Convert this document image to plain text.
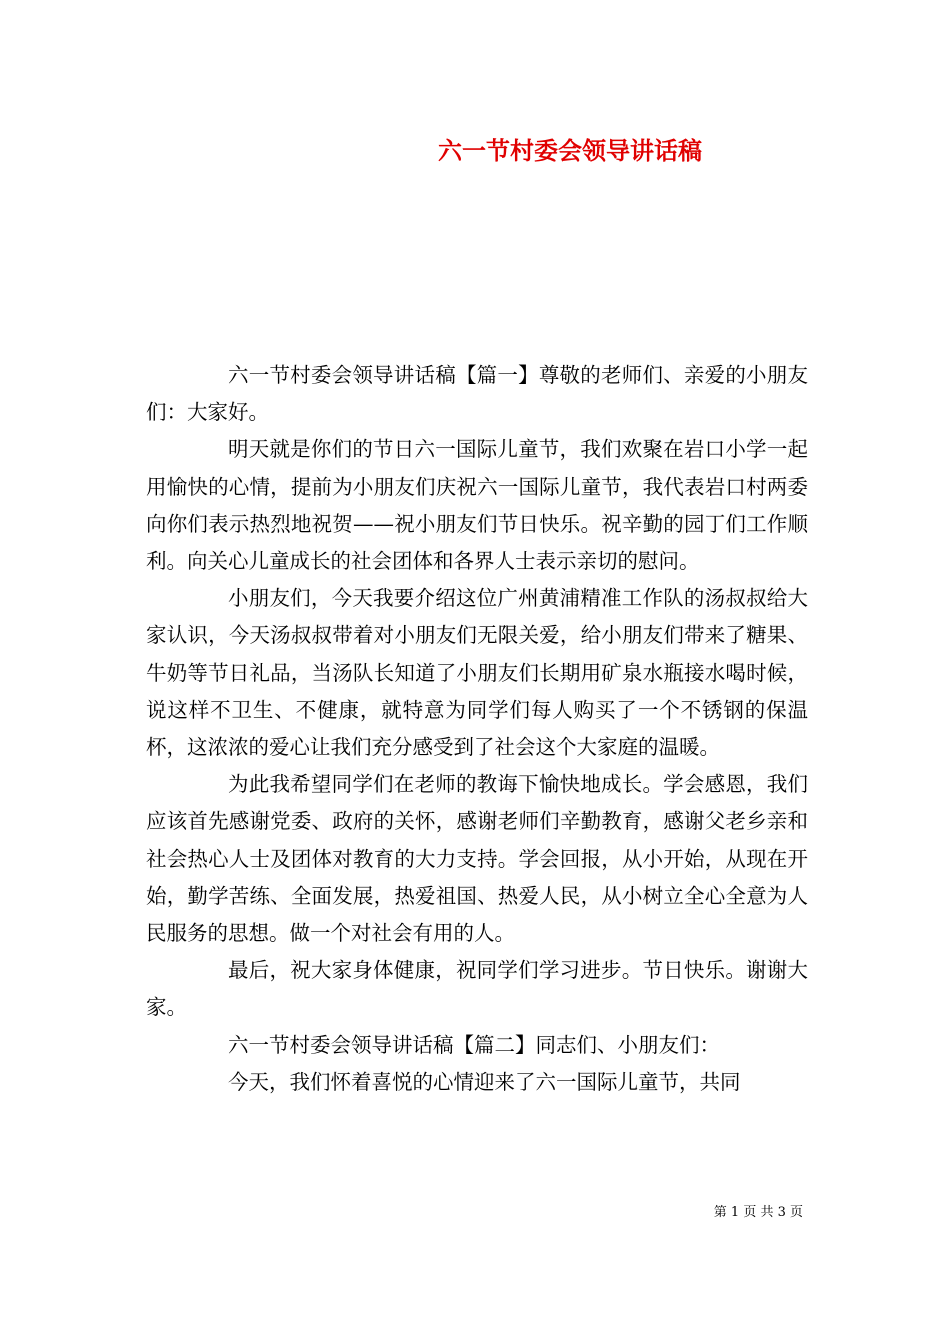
六一节村委会领导讲话稿

六一节村委会领导讲话稿【篇一】尊敬的老师们、亲爱的小朋友们：大家好。

明天就是你们的节日六一国际儿童节，我们欢聚在岩口小学一起用愉快的心情，提前为小朋友们庆祝六一国际儿童节，我代表岩口村两委向你们表示热烈地祝贺——祝小朋友们节日快乐。祝辛勤的园丁们工作顺利。向关心儿童成长的社会团体和各界人士表示亲切的慰问。

小朋友们，今天我要介绍这位广州黄浦精准工作队的汤叔叔给大家认识，今天汤叔叔带着对小朋友们无限关爱，给小朋友们带来了糖果、牛奶等节日礼品，当汤队长知道了小朋友们长期用矿泉水瓶接水喝时候，说这样不卫生、不健康，就特意为同学们每人购买了一个不锈钢的保温杯，这浓浓的爱心让我们充分感受到了社会这个大家庭的温暖。

为此我希望同学们在老师的教诲下愉快地成长。学会感恩，我们应该首先感谢党委、政府的关怀，感谢老师们辛勤教育，感谢父老乡亲和社会热心人士及团体对教育的大力支持。学会回报，从小开始，从现在开始，勤学苦练、全面发展，热爱祖国、热爱人民，从小树立全心全意为人民服务的思想。做一个对社会有用的人。

最后，祝大家身体健康，祝同学们学习进步。节日快乐。谢谢大家。

六一节村委会领导讲话稿【篇二】同志们、小朋友们：

今天，我们怀着喜悦的心情迎来了六一国际儿童节，共同

第 1 页 共 3 页
